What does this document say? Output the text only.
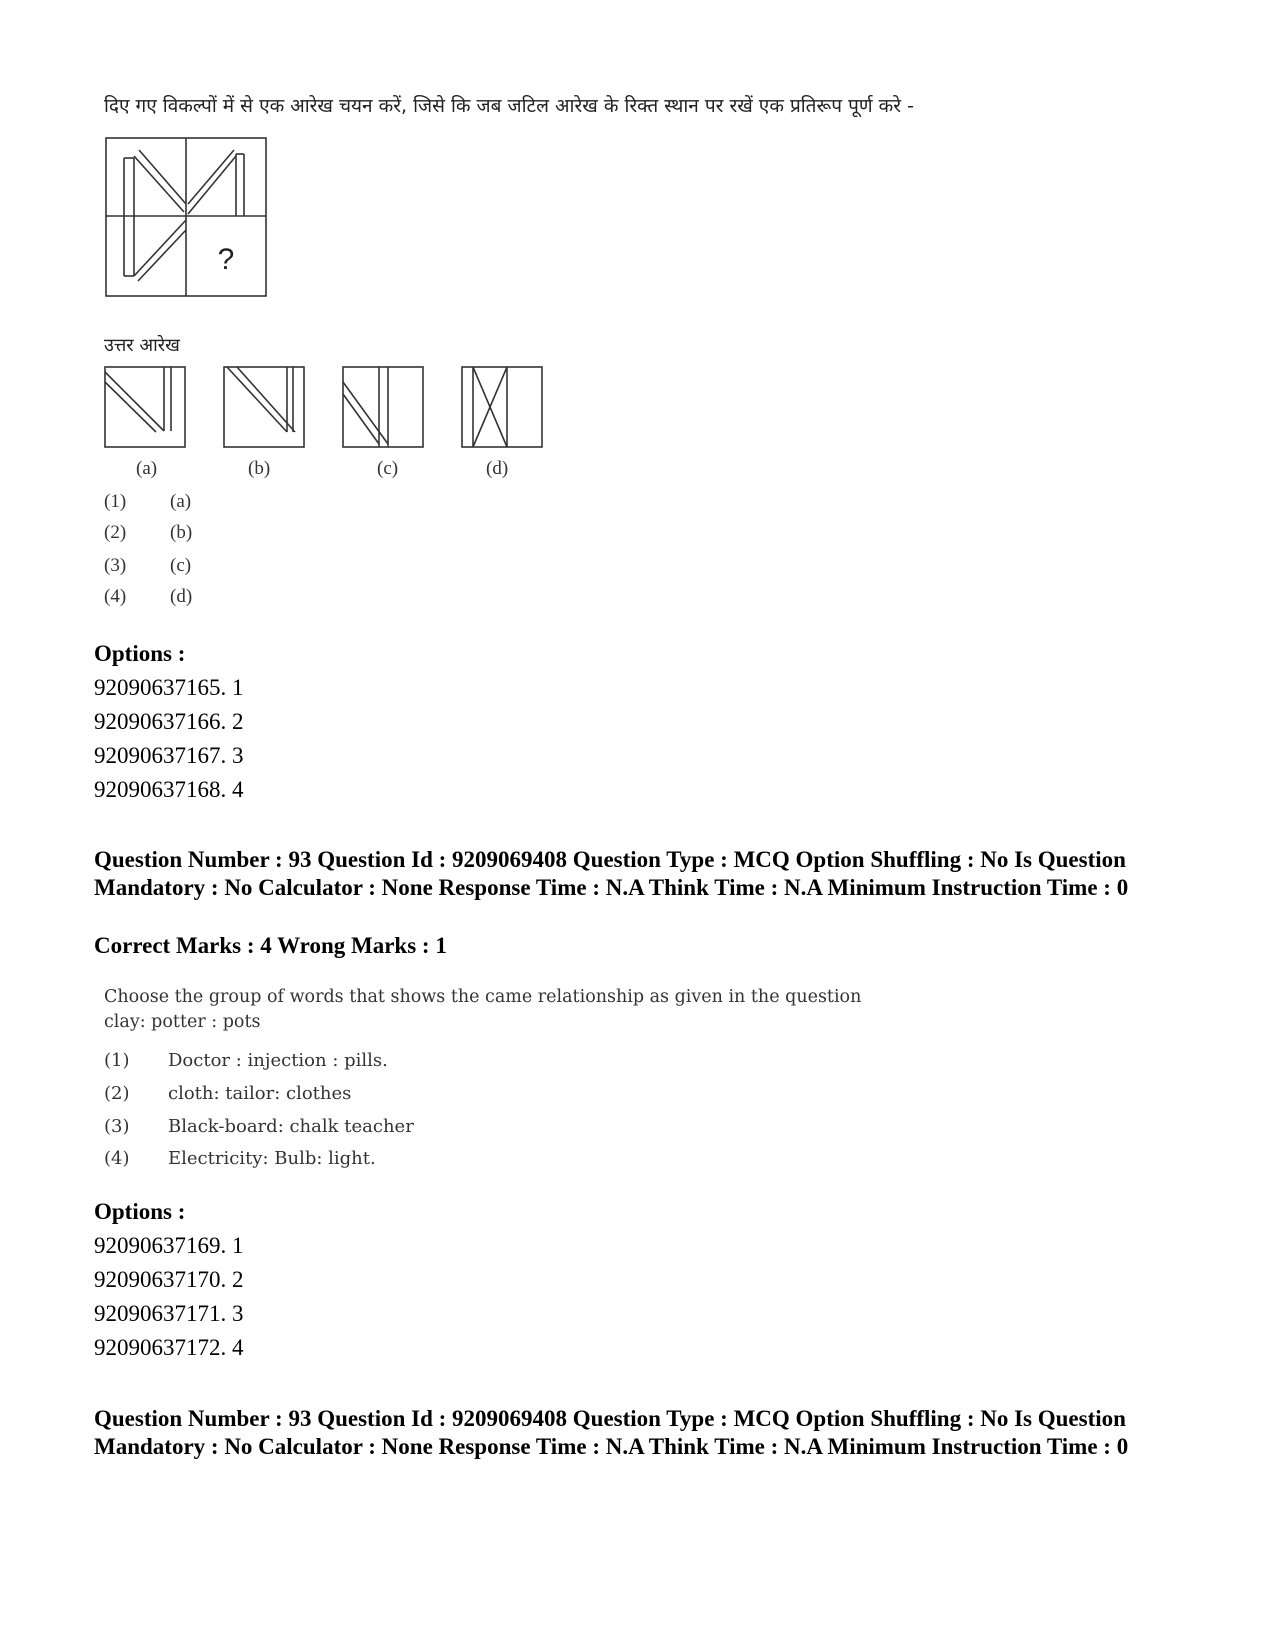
दिए गए विकल्पों में से एक आरेख चयन करें, जिसे कि जब जटिल आरेख के रिक्त स्थान पर रखें एक प्रतिरूप पूर्ण करे -
?
उत्तर आरेख
(a)	(b)	(c)	(d)
(1) (a)
(2) (b)
(3) (c)
(4) (d)
Options :
92090637165. 1
92090637166. 2
92090637167. 3
92090637168. 4
Question Number : 93 Question Id : 9209069408 Question Type : MCQ Option Shuffling : No Is Question Mandatory : No Calculator : None Response Time : N.A Think Time : N.A Minimum Instruction Time : 0
Correct Marks : 4 Wrong Marks : 1
Choose the group of words that shows the came relationship as given in the question
clay: potter : pots
(1) Doctor : injection : pills.
(2) cloth: tailor: clothes
(3) Black-board: chalk teacher
(4) Electricity: Bulb: light.
Options :
92090637169. 1
92090637170. 2
92090637171. 3
92090637172. 4
Question Number : 93 Question Id : 9209069408 Question Type : MCQ Option Shuffling : No Is Question Mandatory : No Calculator : None Response Time : N.A Think Time : N.A Minimum Instruction Time : 0
